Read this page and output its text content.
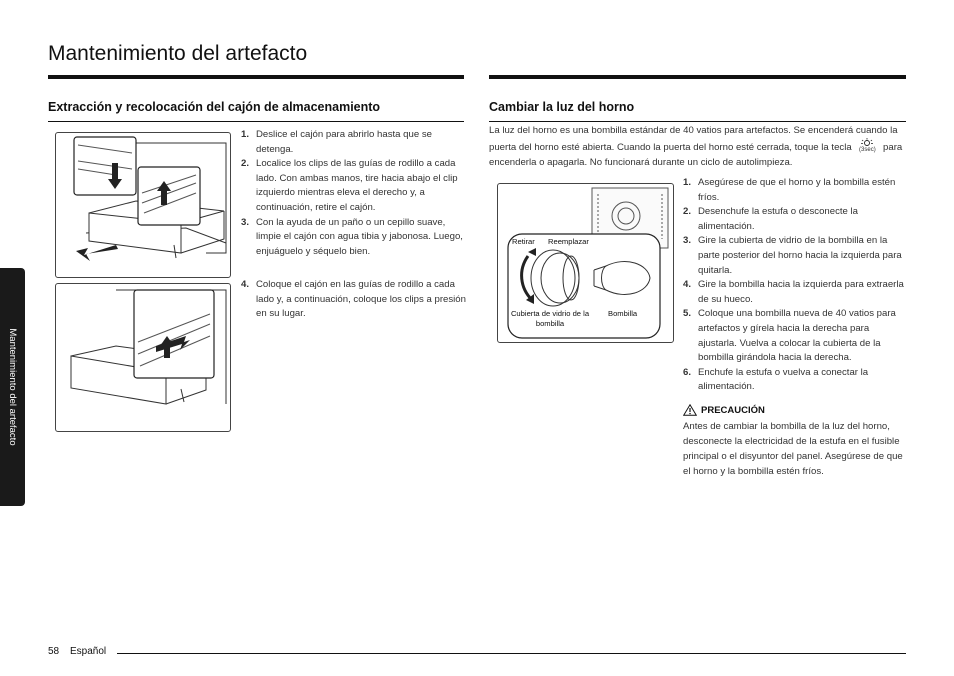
Mantenimiento del artefacto
Mantenimiento del artefacto
Extracción y recolocación del cajón de almacenamiento
1. Deslice el cajón para abrirlo hasta que se detenga.
2. Localice los clips de las guías de rodillo a cada lado. Con ambas manos, tire hacia abajo el clip izquierdo mientras eleva el derecho y, a continuación, retire el cajón.
3. Con la ayuda de un paño o un cepillo suave, limpie el cajón con agua tibia y jabonosa. Luego, enjuáguelo y séquelo bien.
4. Coloque el cajón en las guías de rodillo a cada lado y, a continuación, coloque los clips a presión en su lugar.
Cambiar la luz del horno
La luz del horno es una bombilla estándar de 40 vatios para artefactos. Se encenderá cuando la puerta del horno esté abierta. Cuando la puerta del horno esté cerrada, toque la tecla	(3sec) para encenderla o apagarla. No funcionará durante un ciclo de autolimpieza.
Retirar Reemplazar
Cubierta de vidrio de la bombilla
Bombilla
1. Asegúrese de que el horno y la bombilla estén fríos.
2. Desenchufe la estufa o desconecte la alimentación.
3. Gire la cubierta de vidrio de la bombilla en la parte posterior del horno hacia la izquierda para quitarla.
4. Gire la bombilla hacia la izquierda para extraerla de su hueco.
5. Coloque una bombilla nueva de 40 vatios para artefactos y gírela hacia la derecha para ajustarla. Vuelva a colocar la cubierta de la bombilla girándola hacia la derecha.
6. Enchufe la estufa o vuelva a conectar la alimentación.
PRECAUCIÓN
Antes de cambiar la bombilla de la luz del horno, desconecte la electricidad de la estufa en el fusible principal o el disyuntor del panel. Asegúrese de que el horno y la bombilla estén fríos.
58 Español
